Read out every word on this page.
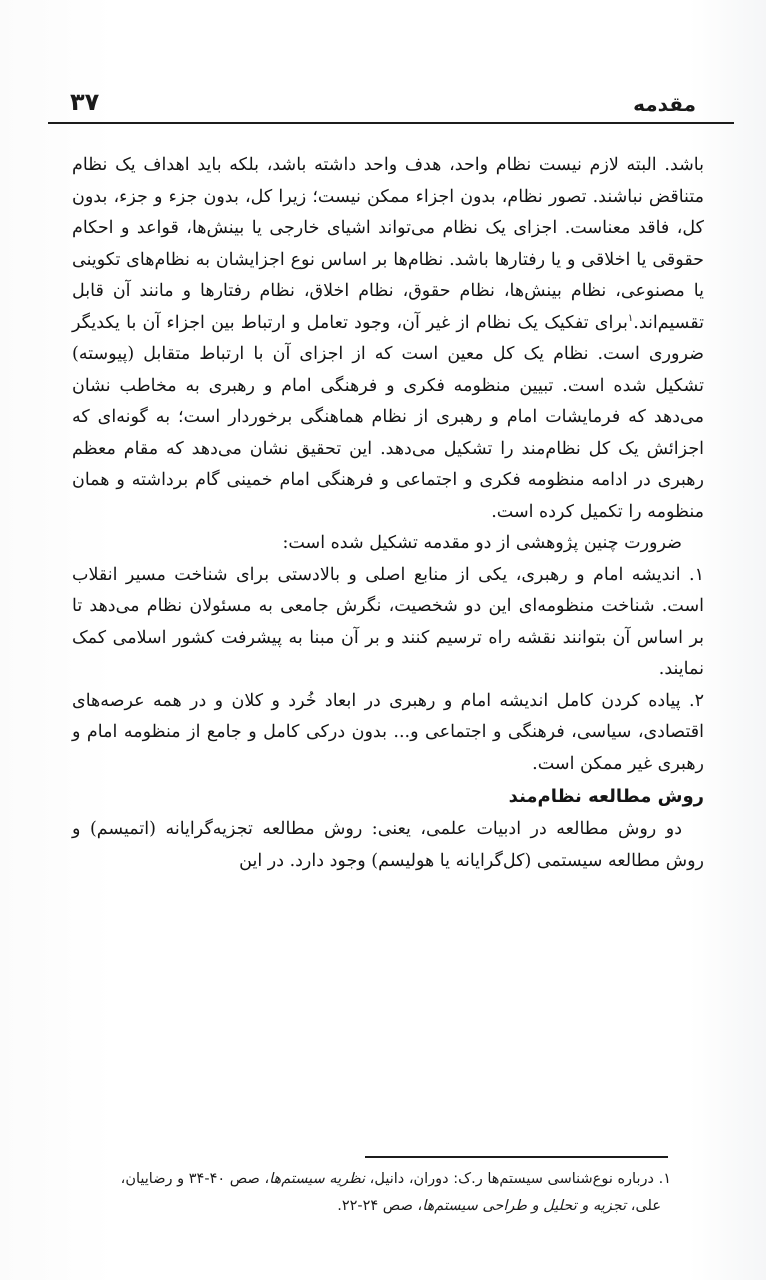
مقدمه
۳۷

باشد. البته لازم نیست نظام واحد، هدف واحد داشته باشد، بلکه باید اهداف یک نظام متناقض نباشند. تصور نظام، بدون اجزاء ممکن نیست؛ زیرا کل، بدون جزء و جزء، بدون کل، فاقد معناست. اجزای یک نظام می‌تواند اشیای خارجی یا بینش‌ها، قواعد و احکام حقوقی یا اخلاقی و یا رفتارها باشد. نظام‌ها بر اساس نوع اجزایشان به نظام‌های تکوینی یا مصنوعی، نظام بینش‌ها، نظام حقوق، نظام اخلاق، نظام رفتارها و مانند آن قابل تقسیم‌اند.$^۱$برای تفکیک یک نظام از غیر آن، وجود تعامل و ارتباط بین اجزاء آن با یکدیگر ضروری است. نظام یک کل معین است که از اجزای آن با ارتباط متقابل (پیوسته) تشکیل شده است. تبیین منظومه فکری و فرهنگی امام و رهبری به مخاطب نشان می‌دهد که فرمایشات امام و رهبری از نظام هماهنگی برخوردار است؛ به گونه‌ای که اجزائش یک کل نظام‌مند را تشکیل می‌دهد. این تحقیق نشان می‌دهد که مقام معظم رهبری در ادامه منظومه فکری و اجتماعی و فرهنگی امام خمینی گام برداشته و همان منظومه را تکمیل کرده است.

ضرورت چنین پژوهشی از دو مقدمه تشکیل شده است:

۱. اندیشه امام و رهبری، یکی از منابع اصلی و بالادستی برای شناخت مسیر انقلاب است. شناخت منظومه‌ای این دو شخصیت، نگرش جامعی به مسئولان نظام می‌دهد تا بر اساس آن بتوانند نقشه راه ترسیم کنند و بر آن مبنا به پیشرفت کشور اسلامی کمک نمایند.

۲. پیاده کردن کامل اندیشه امام و رهبری در ابعاد خُرد و کلان و در همه عرصه‌های اقتصادی، سیاسی، فرهنگی و اجتماعی و... بدون درکی کامل و جامع از منظومه امام و رهبری غیر ممکن است.

روش مطالعه نظام‌مند

دو روش مطالعه در ادبیات علمی، یعنی: روش مطالعه تجزیه‌گرایانه (اتمیسم) و روش مطالعه سیستمی (کل‌گرایانه یا هولیسم) وجود دارد. در این

۱. درباره نوع‌شناسی سیستم‌ها ر.ک: دوران، دانیل، نظریه سیستم‌ها، صص ۴۰-۳۴ و رضاییان،

علی، تجزیه و تحلیل و طراحی سیستم‌ها، صص ۲۴-۲۲.
